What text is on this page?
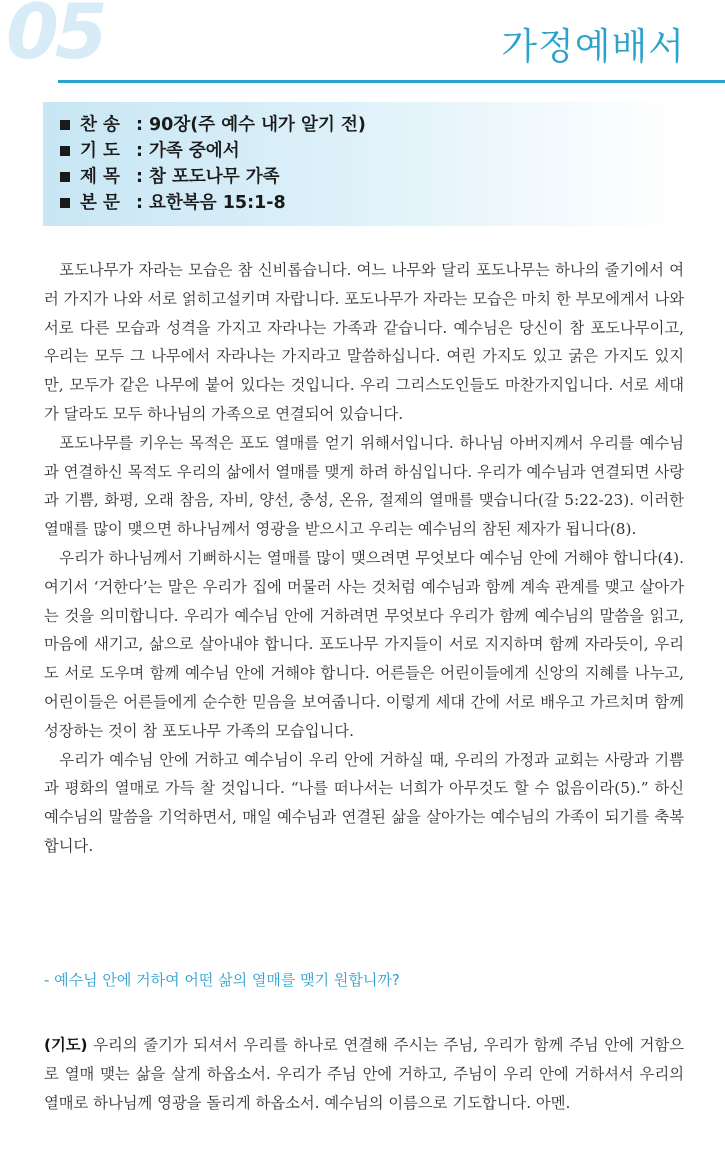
05	가정예배서
찬 송 : 90장(주 예수 내가 알기 전)
기 도 : 가족 중에서
제 목 : 참 포도나무 가족
본 문 : 요한복음 15:1-8

포도나무가 자라는 모습은 참 신비롭습니다. 여느 나무와 달리 포도나무는 하나의 줄기에서 여러 가지가 나와 서로 얽히고설키며 자랍니다. 포도나무가 자라는 모습은 마치 한 부모에게서 나와 서로 다른 모습과 성격을 가지고 자라나는 가족과 같습니다. 예수님은 당신이 참 포도나무이고, 우리는 모두 그 나무에서 자라나는 가지라고 말씀하십니다. 여린 가지도 있고 굵은 가지도 있지만, 모두가 같은 나무에 붙어 있다는 것입니다. 우리 그리스도인들도 마찬가지입니다. 서로 세대가 달라도 모두 하나님의 가족으로 연결되어 있습니다.

포도나무를 키우는 목적은 포도 열매를 얻기 위해서입니다. 하나님 아버지께서 우리를 예수님과 연결하신 목적도 우리의 삶에서 열매를 맺게 하려 하심입니다. 우리가 예수님과 연결되면 사랑과 기쁨, 화평, 오래 참음, 자비, 양선, 충성, 온유, 절제의 열매를 맺습니다(갈 5:22-23). 이러한 열매를 많이 맺으면 하나님께서 영광을 받으시고 우리는 예수님의 참된 제자가 됩니다(8).

우리가 하나님께서 기뻐하시는 열매를 많이 맺으려면 무엇보다 예수님 안에 거해야 합니다(4). 여기서 ‘거한다’는 말은 우리가 집에 머물러 사는 것처럼 예수님과 함께 계속 관계를 맺고 살아가는 것을 의미합니다. 우리가 예수님 안에 거하려면 무엇보다 우리가 함께 예수님의 말씀을 읽고, 마음에 새기고, 삶으로 살아내야 합니다. 포도나무 가지들이 서로 지지하며 함께 자라듯이, 우리도 서로 도우며 함께 예수님 안에 거해야 합니다. 어른들은 어린이들에게 신앙의 지혜를 나누고, 어린이들은 어른들에게 순수한 믿음을 보여줍니다. 이렇게 세대 간에 서로 배우고 가르치며 함께 성장하는 것이 참 포도나무 가족의 모습입니다.

우리가 예수님 안에 거하고 예수님이 우리 안에 거하실 때, 우리의 가정과 교회는 사랑과 기쁨과 평화의 열매로 가득 찰 것입니다. “나를 떠나서는 너희가 아무것도 할 수 없음이라(5).” 하신 예수님의 말씀을 기억하면서, 매일 예수님과 연결된 삶을 살아가는 예수님의 가족이 되기를 축복합니다.

- 예수님 안에 거하여 어떤 삶의 열매를 맺기 원합니까?
(기도) 우리의 줄기가 되셔서 우리를 하나로 연결해 주시는 주님, 우리가 함께 주님 안에 거함으로 열매 맺는 삶을 살게 하옵소서. 우리가 주님 안에 거하고, 주님이 우리 안에 거하셔서 우리의 열매로 하나님께 영광을 돌리게 하옵소서. 예수님의 이름으로 기도합니다. 아멘.
